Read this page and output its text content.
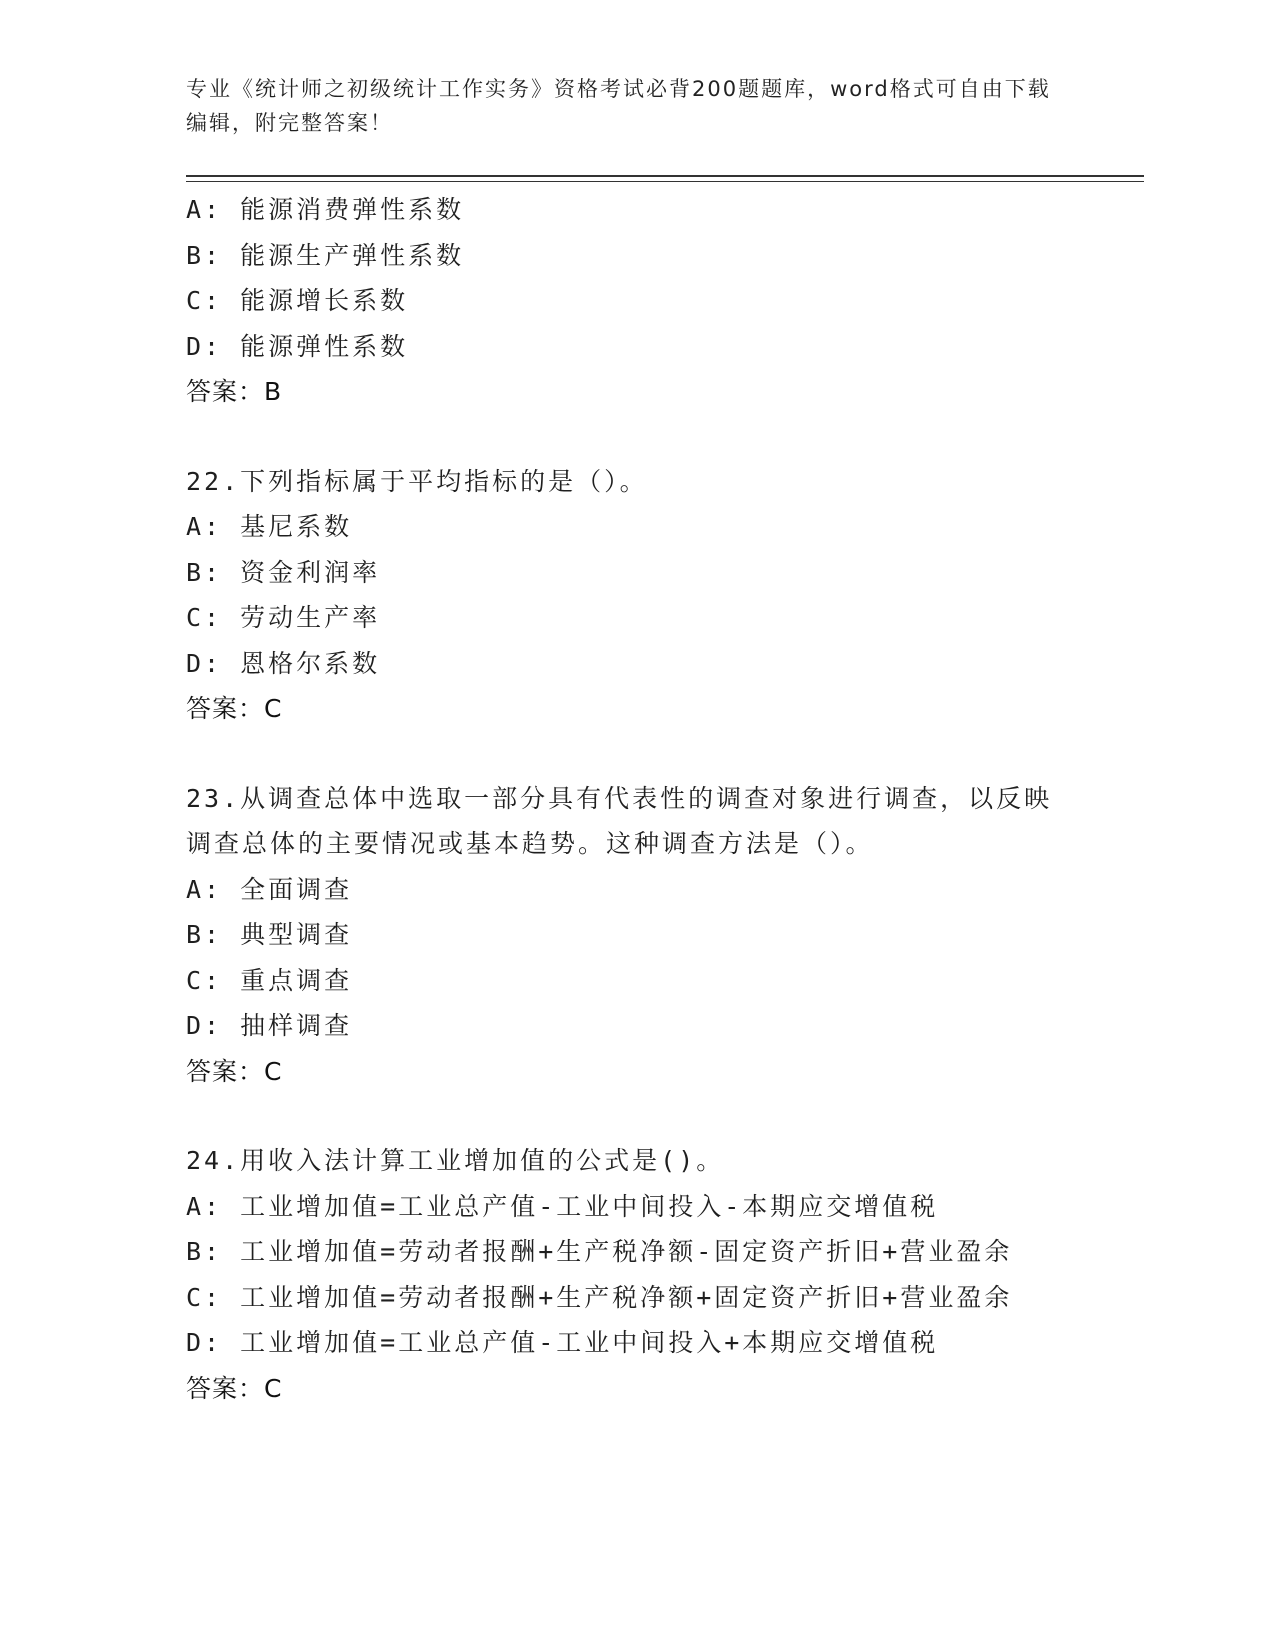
专业《统计师之初级统计工作实务》资格考试必背200题题库，word格式可自由下载编辑，附完整答案！
A: 能源消费弹性系数
B: 能源生产弹性系数
C: 能源增长系数
D: 能源弹性系数
答案：B
22.下列指标属于平均指标的是（）。
A: 基尼系数
B: 资金利润率
C: 劳动生产率
D: 恩格尔系数
答案：C
23.从调查总体中选取一部分具有代表性的调查对象进行调查，以反映
调查总体的主要情况或基本趋势。这种调查方法是（）。
A: 全面调查
B: 典型调查
C: 重点调查
D: 抽样调查
答案：C
24.用收入法计算工业增加值的公式是()。
A: 工业增加值=工业总产值-工业中间投入-本期应交增值税
B: 工业增加值=劳动者报酬+生产税净额-固定资产折旧+营业盈余
C: 工业增加值=劳动者报酬+生产税净额+固定资产折旧+营业盈余
D: 工业增加值=工业总产值-工业中间投入+本期应交增值税
答案：C
